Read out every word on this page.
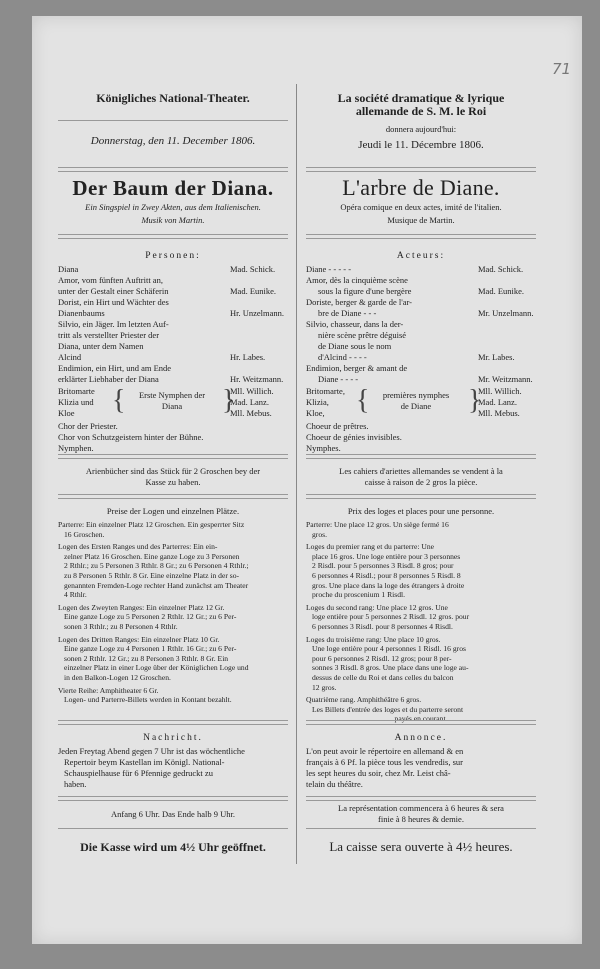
71
Königliches National-Theater.
Donnerstag, den 11. December 1806.
Der Baum der Diana.
Ein Singspiel in Zwey Akten, aus dem Italienischen.
Musik von Martin.
Personen:
Diana	Mad. Schick.
Amor, vom fünften Auftritt an,
unter der Gestalt einer Schäferin	Mad. Eunike.
Dorist, ein Hirt und Wächter des
Dianenbaums	Hr. Unzelmann.
Silvio, ein Jäger. Im letzten Auf-
tritt als verstellter Priester der
Diana, unter dem Namen
Alcind	Hr. Labes.
Endimion, ein Hirt, und am Ende
erklärter Liebhaber der Diana	Hr. Weitzmann.
Britomarte
Klizia und
Kloe	{	Erste Nymphen der
Diana	}
Mll. Willich.
Mad. Lanz.
Mll. Mebus.
Chor der Priester.
Chor von Schutzgeistern hinter der Bühne.
Nymphen.
Arienbücher sind das Stück für 2 Groschen bey der
Kasse zu haben.
Preise der Logen und einzelnen Plätze.
Parterre: Ein einzelner Platz 12 Groschen. Ein gesperrter Sitz
16 Groschen.
Logen des Ersten Ranges und des Parterres: Ein ein-
zelner Platz 16 Groschen. Eine ganze Loge zu 3 Personen
2 Rthlr.; zu 5 Personen 3 Rthlr. 8 Gr.; zu 6 Personen 4 Rthlr.;
zu 8 Personen 5 Rthlr. 8 Gr. Eine einzelne Platz in der so-
genannten Fremden-Loge rechter Hand zunächst am Theater
4 Rthlr.
Logen des Zweyten Ranges: Ein einzelner Platz 12 Gr.
Eine ganze Loge zu 5 Personen 2 Rthlr. 12 Gr.; zu 6 Per-
sonen 3 Rthlr.; zu 8 Personen 4 Rthlr.
Logen des Dritten Ranges: Ein einzelner Platz 10 Gr.
Eine ganze Loge zu 4 Personen 1 Rthlr. 16 Gr.; zu 6 Per-
sonen 2 Rthlr. 12 Gr.; zu 8 Personen 3 Rthlr. 8 Gr. Ein
einzelner Platz in einer Loge über der Königlichen Loge und
in den Balkon-Logen 12 Groschen.
Vierte Reihe: Amphitheater 6 Gr.
Logen- und Parterre-Billets werden in Kontant bezahlt.
Nachricht.
Jeden Freytag Abend gegen 7 Uhr ist das wöchentliche
Repertoir beym Kastellan im Königl. National-
Schauspielhause für 6 Pfennige gedruckt zu
haben.
Anfang 6 Uhr. Das Ende halb 9 Uhr.
Die Kasse wird um 4½ Uhr geöffnet.
La société dramatique & lyrique
allemande de S. M. le Roi
donnera aujourd'hui:
Jeudi le 11. Décembre 1806.
L'arbre de Diane.
Opéra comique en deux actes, imité de l'italien.
Musique de Martin.
Acteurs:
Diane - - - - -	Mad. Schick.
Amor, dès la cinquième scène
sous la figure d'une bergère	Mad. Eunike.
Doriste, berger & garde de l'ar-
bre de Diane - - -	Mr. Unzelmann.
Silvio, chasseur, dans la der-
nière scène prêtre déguisé
de Diane sous le nom
d'Alcind - - - -	Mr. Labes.
Endimion, berger & amant de
Diane - - - -	Mr. Weitzmann.
Britomarte,
Klizia,
Kloe,	{	premières nymphes
de Diane	}
Mll. Willich.
Mad. Lanz.
Mll. Mebus.
Choeur de prêtres.
Choeur de génies invisibles.
Nymphes.
Les cahiers d'ariettes allemandes se vendent à la
caisse à raison de 2 gros la pièce.
Prix des loges et places pour une personne.
Parterre: Une place 12 gros. Un siège fermé 16
gros.
Loges du premier rang et du parterre: Une
place 16 gros. Une loge entière pour 3 personnes
2 Risdl. pour 5 personnes 3 Risdl. 8 gros; pour
6 personnes 4 Risdl.; pour 8 personnes 5 Risdl. 8
gros. Une place dans la loge des étrangers à droite
proche du proscenium 1 Risdl.
Loges du second rang: Une place 12 gros. Une
loge entière pour 5 personnes 2 Risdl. 12 gros. pour
6 personnes 3 Risdl. pour 8 personnes 4 Risdl.
Loges du troisième rang: Une place 10 gros.
Une loge entière pour 4 personnes 1 Risdl. 16 gros
pour 6 personnes 2 Risdl. 12 gros; pour 8 per-
sonnes 3 Risdl. 8 gros. Une place dans une loge au-
dessus de celle du Roi et dans celles du balcon
12 gros.
Quatrième rang. Amphithéâtre 6 gros.
Les Billets d'entrée des loges et du parterre seront
payés en courant.
Annonce.
L'on peut avoir le répertoire en allemand & en
français à 6 Pf. la pièce tous les vendredis, sur
les sept heures du soir, chez Mr. Leist châ-
telain du théâtre.
La représentation commencera à 6 heures & sera
finie à 8 heures & demie.
La caisse sera ouverte à 4½ heures.
